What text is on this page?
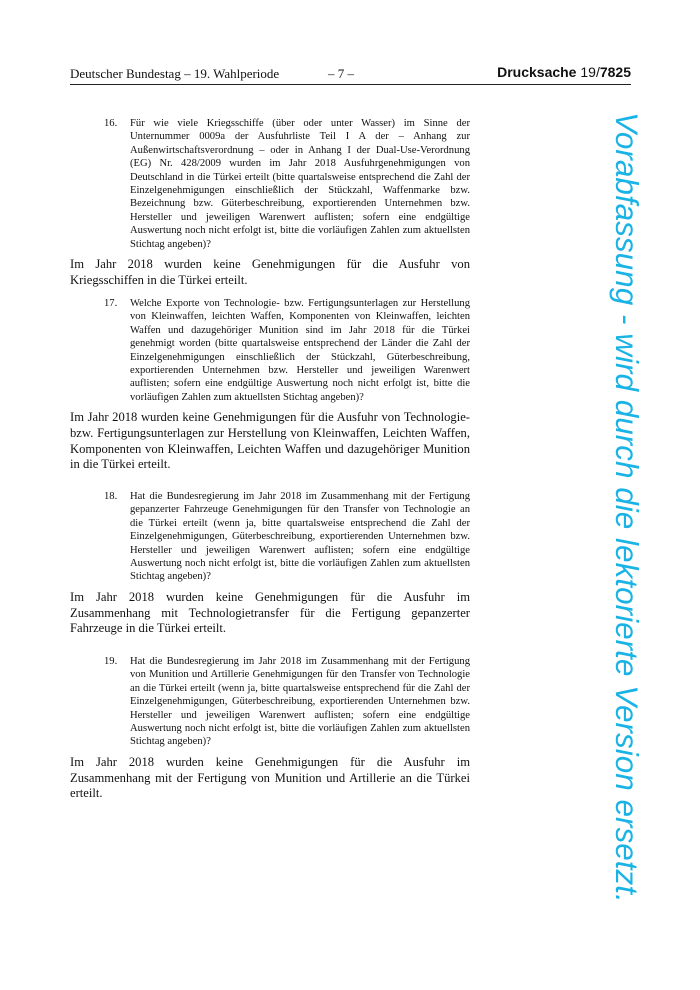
Deutscher Bundestag – 19. Wahlperiode	– 7 –	Drucksache 19/7825
16. Für wie viele Kriegsschiffe (über oder unter Wasser) im Sinne der Unternummer 0009a der Ausfuhrliste Teil I A der – Anhang zur Außenwirtschaftsverordnung – oder in Anhang I der Dual-Use-Verordnung (EG) Nr. 428/2009 wurden im Jahr 2018 Ausfuhrgenehmigungen von Deutschland in die Türkei erteilt (bitte quartalsweise entsprechend die Zahl der Einzelgenehmigungen einschließlich der Stückzahl, Waffenmarke bzw. Bezeichnung bzw. Güterbeschreibung, exportierenden Unternehmen bzw. Hersteller und jeweiligen Warenwert auflisten; sofern eine endgültige Auswertung noch nicht erfolgt ist, bitte die vorläufigen Zahlen zum aktuellsten Stichtag angeben)?

Im Jahr 2018 wurden keine Genehmigungen für die Ausfuhr von Kriegsschiffen in die Türkei erteilt.

17. Welche Exporte von Technologie- bzw. Fertigungsunterlagen zur Herstellung von Kleinwaffen, leichten Waffen, Komponenten von Kleinwaffen, leichten Waffen und dazugehöriger Munition sind im Jahr 2018 für die Türkei genehmigt worden (bitte quartalsweise entsprechend der Länder die Zahl der Einzelgenehmigungen einschließlich der Stückzahl, Güterbeschreibung, exportierenden Unternehmen bzw. Hersteller und jeweiligen Warenwert auflisten; sofern eine endgültige Auswertung noch nicht erfolgt ist, bitte die vorläufigen Zahlen zum aktuellsten Stichtag angeben)?

Im Jahr 2018 wurden keine Genehmigungen für die Ausfuhr von Technologie- bzw. Fertigungsunterlagen zur Herstellung von Kleinwaffen, Leichten Waffen, Komponenten von Kleinwaffen, Leichten Waffen und dazugehöriger Munition in die Türkei erteilt.

18. Hat die Bundesregierung im Jahr 2018 im Zusammenhang mit der Fertigung gepanzerter Fahrzeuge Genehmigungen für den Transfer von Technologie an die Türkei erteilt (wenn ja, bitte quartalsweise entsprechend die Zahl der Einzelgenehmigungen, Güterbeschreibung, exportierenden Unternehmen bzw. Hersteller und jeweiligen Warenwert auflisten; sofern eine endgültige Auswertung noch nicht erfolgt ist, bitte die vorläufigen Zahlen zum aktuellsten Stichtag angeben)?

Im Jahr 2018 wurden keine Genehmigungen für die Ausfuhr im Zusammenhang mit Technologietransfer für die Fertigung gepanzerter Fahrzeuge in die Türkei erteilt.

19. Hat die Bundesregierung im Jahr 2018 im Zusammenhang mit der Fertigung von Munition und Artillerie Genehmigungen für den Transfer von Technologie an die Türkei erteilt (wenn ja, bitte quartalsweise entsprechend für die Zahl der Einzelgenehmigungen, Güterbeschreibung, exportierenden Unternehmen bzw. Hersteller und jeweiligen Warenwert auflisten; sofern eine endgültige Auswertung noch nicht erfolgt ist, bitte die vorläufigen Zahlen zum aktuellsten Stichtag angeben)?

Im Jahr 2018 wurden keine Genehmigungen für die Ausfuhr im Zusammenhang mit der Fertigung von Munition und Artillerie an die Türkei erteilt.	Vorabfassung - wird durch die lektorierte Version ersetzt.
